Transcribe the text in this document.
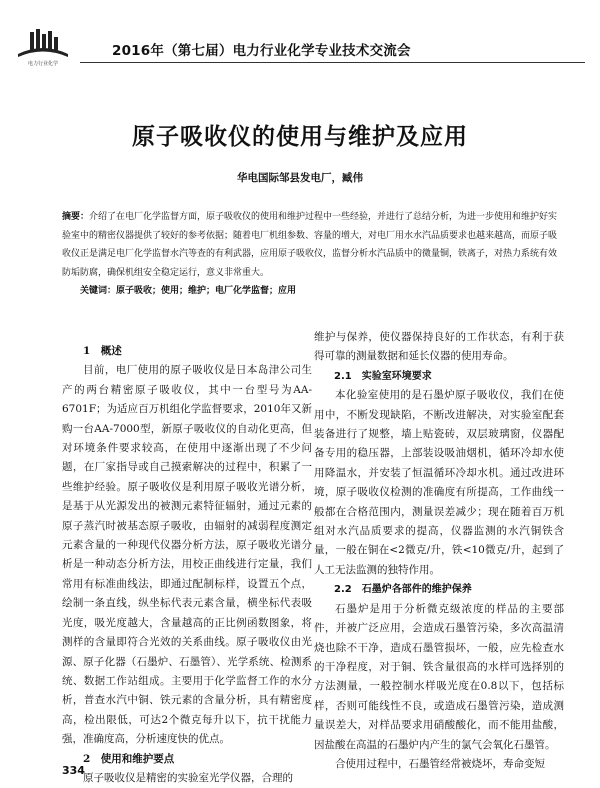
电力行业化学
2016年（第七届）电力行业化学专业技术交流会
原子吸收仪的使用与维护及应用
华电国际邹县发电厂，臧伟
摘要：介绍了在电厂化学监督方面，原子吸收仪的使用和维护过程中一些经验，并进行了总结分析，为进一步使用和维护好实验室中的精密仪器提供了较好的参考依据；随着电厂机组参数、容量的增大，对电厂用水水汽品质要求也越来越高，而原子吸收仪正是满足电厂化学监督水汽等查的有利武器，应用原子吸收仪，监督分析水汽品质中的微量铜，铁离子，对热力系统有效防垢防腐，确保机组安全稳定运行，意义非常重大。
关键词：原子吸收；使用；维护；电厂化学监督；应用

1　概述

目前，电厂使用的原子吸收仪是日本岛津公司生产的两台精密原子吸收仪，其中一台型号为AA-6701F；为适应百万机组化学监督要求，2010年又新购一台AA-7000型，新原子吸收仪的自动化更高，但对环境条件要求较高，在使用中逐渐出现了不少问题，在厂家指导或自己摸索解决的过程中，积累了一些维护经验。原子吸收仪是利用原子吸收光谱分析，是基于从光源发出的被测元素特征辐射，通过元素的原子蒸汽时被基态原子吸收，由辐射的减弱程度测定元素含量的一种现代仪器分析方法，原子吸收光谱分析是一种动态分析方法，用校正曲线进行定量，我们常用有标准曲线法，即通过配制标样，设置五个点，绘制一条直线，纵坐标代表元素含量，横坐标代表吸光度，吸光度越大，含量越高的正比例函数图象，将测样的含量即符合光效的关系曲线。原子吸收仪由光源、原子化器（石墨炉、石墨管）、光学系统、检测系统、数据工作站组成。主要用于化学监督工作的水分析，普查水汽中铜、铁元素的含量分析，具有精密度高，检出限低，可达2个微克每升以下，抗干扰能力强，准确度高，分析速度快的优点。

2　使用和维护要点

原子吸收仪是精密的实验室光学仪器，合理的

维护与保养，使仪器保持良好的工作状态，有利于获得可靠的测量数据和延长仪器的使用寿命。

2.1　实验室环境要求

本化验室使用的是石墨炉原子吸收仪，我们在使用中，不断发现缺陷，不断改进解决，对实验室配套装备进行了规整，墙上贴瓷砖，双层玻璃窗，仪器配备专用的稳压器，上部装设吸油烟机，循环冷却水使用降温水，并安装了恒温循环冷却水机。通过改进环境，原子吸收仪检测的准确度有所提高，工作曲线一般都在合格范围内，测量误差减少；现在随着百万机组对水汽品质要求的提高，仪器监测的水汽铜铁含量，一般在铜在<2微克/升，铁<10微克/升，起到了人工无法监测的独特作用。

2.2　石墨炉各部件的维护保养

石墨炉是用于分析微克级浓度的样品的主要部件，并被广泛应用，会造成石墨管污染，多次高温清烧也除不干净，造成石墨管损坏，一般，应先检查水的干净程度，对于铜、铁含量很高的水样可选择别的方法测量，一般控制水样吸光度在0.8以下，包括标样，否则可能线性不良，或造成石墨管污染，造成测量误差大，对样品要求用硝酸酸化，而不能用盐酸，因盐酸在高温的石墨炉内产生的氯气会氧化石墨管。

合使用过程中，石墨管经常被烧坏，寿命变短

334
